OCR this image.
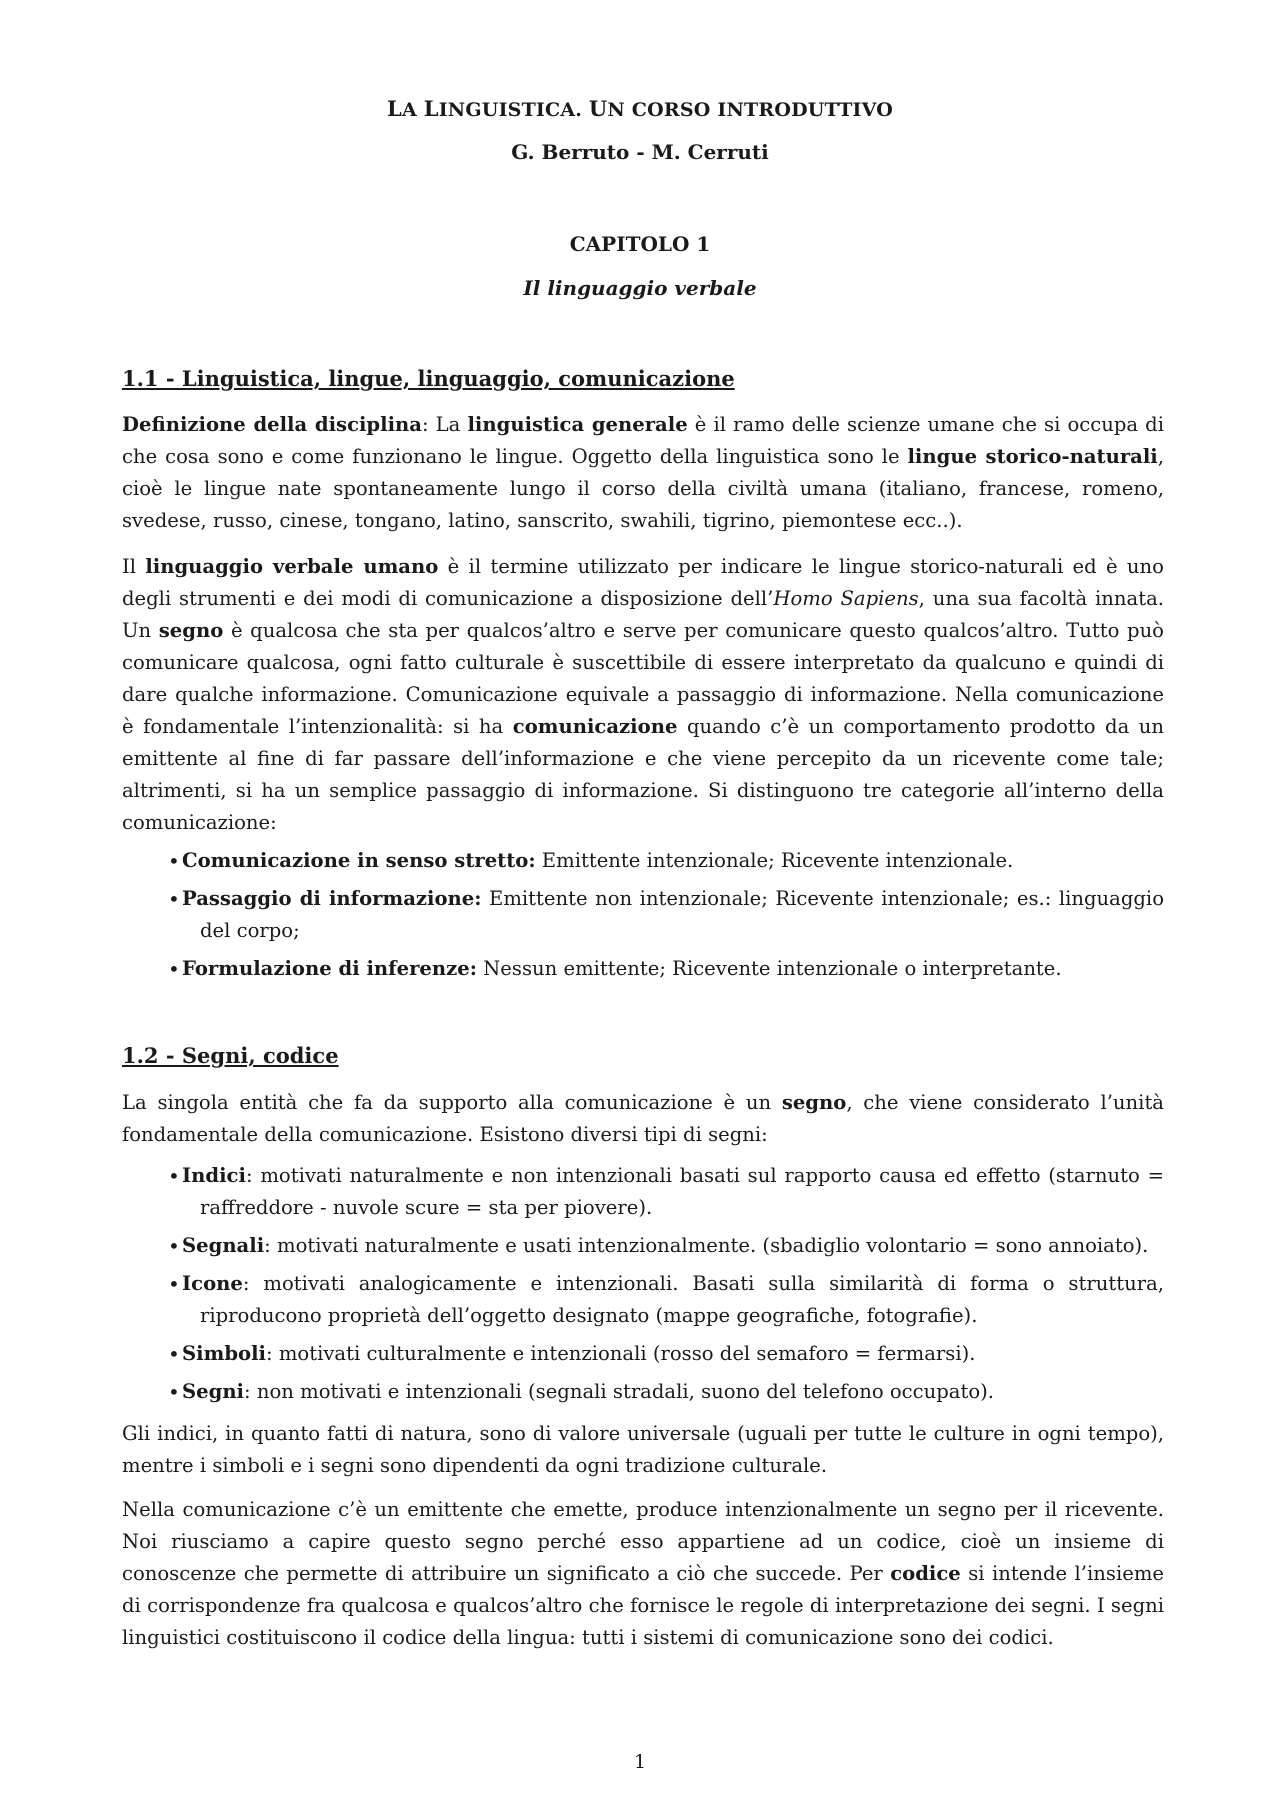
LA LINGUISTICA. UN CORSO INTRODUTTIVO
G. Berruto - M. Cerruti
CAPITOLO 1
Il linguaggio verbale
1.1 - Linguistica, lingue, linguaggio, comunicazione

Definizione della disciplina: La linguistica generale è il ramo delle scienze umane che si occupa di che cosa sono e come funzionano le lingue. Oggetto della linguistica sono le lingue storico-naturali, cioè le lingue nate spontaneamente lungo il corso della civiltà umana (italiano, francese, romeno, svedese, russo, cinese, tongano, latino, sanscrito, swahili, tigrino, piemontese ecc..).

Il linguaggio verbale umano è il termine utilizzato per indicare le lingue storico-naturali ed è uno degli strumenti e dei modi di comunicazione a disposizione dell’Homo Sapiens, una sua facoltà innata. Un segno è qualcosa che sta per qualcos’altro e serve per comunicare questo qualcos’altro. Tutto può comunicare qualcosa, ogni fatto culturale è suscettibile di essere interpretato da qualcuno e quindi di dare qualche informazione. Comunicazione equivale a passaggio di informazione. Nella comunicazione è fondamentale l’intenzionalità: si ha comunicazione quando c’è un comportamento prodotto da un emittente al fine di far passare dell’informazione e che viene percepito da un ricevente come tale; altrimenti, si ha un semplice passaggio di informazione. Si distinguono tre categorie all’interno della comunicazione:

• Comunicazione in senso stretto: Emittente intenzionale; Ricevente intenzionale.
• Passaggio di informazione: Emittente non intenzionale; Ricevente intenzionale; es.: linguaggio del corpo;
• Formulazione di inferenze: Nessun emittente; Ricevente intenzionale o interpretante.
1.2 - Segni, codice

La singola entità che fa da supporto alla comunicazione è un segno, che viene considerato l’unità fondamentale della comunicazione. Esistono diversi tipi di segni:

• Indici: motivati naturalmente e non intenzionali basati sul rapporto causa ed effetto (starnuto = raffreddore - nuvole scure = sta per piovere).
• Segnali: motivati naturalmente e usati intenzionalmente. (sbadiglio volontario = sono annoiato).
• Icone: motivati analogicamente e intenzionali. Basati sulla similarità di forma o struttura, riproducono proprietà dell’oggetto designato (mappe geografiche, fotografie).
• Simboli: motivati culturalmente e intenzionali (rosso del semaforo = fermarsi).
• Segni: non motivati e intenzionali (segnali stradali, suono del telefono occupato).

Gli indici, in quanto fatti di natura, sono di valore universale (uguali per tutte le culture in ogni tempo), mentre i simboli e i segni sono dipendenti da ogni tradizione culturale.

Nella comunicazione c’è un emittente che emette, produce intenzionalmente un segno per il ricevente. Noi riusciamo a capire questo segno perché esso appartiene ad un codice, cioè un insieme di conoscenze che permette di attribuire un significato a ciò che succede. Per codice si intende l’insieme di corrispondenze fra qualcosa e qualcos’altro che fornisce le regole di interpretazione dei segni. I segni linguistici costituiscono il codice della lingua: tutti i sistemi di comunicazione sono dei codici.

1
